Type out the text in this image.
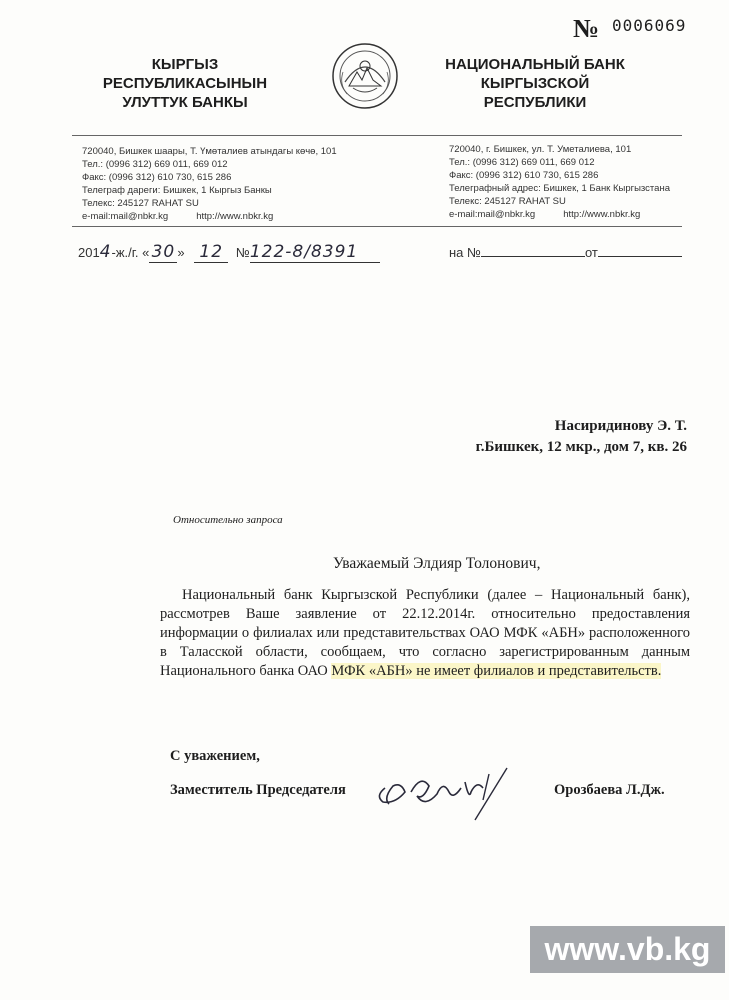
№ 0006069
КЫРГЫЗ
РЕСПУБЛИКАСЫНЫН
УЛУТТУК БАНКЫ
НАЦИОНАЛЬНЫЙ БАНК
КЫРГЫЗСКОЙ
РЕСПУБЛИКИ
720040, Бишкек шаары, Т. Үмөталиев атындагы көчө, 101
Тел.: (0996 312) 669 011, 669 012
Факс: (0996 312) 610 730, 615 286
Телеграф дареги: Бишкек, 1 Кыргыз Банкы
Телекс: 245127 RAHAT SU
e-mail:mail@nbkr.kg	http://www.nbkr.kg
720040, г. Бишкек, ул. Т. Уметалиева, 101
Тел.: (0996 312) 669 011, 669 012
Факс: (0996 312) 610 730, 615 286
Телеграфный адрес: Бишкек, 1 Банк Кыргызстана
Телекс: 245127 RAHAT SU
e-mail:mail@nbkr.kg	http://www.nbkr.kg
2014-ж./г. « 30 » 12 №122-8/8391	на №	от
Насиридинову Э. Т.
г.Бишкек, 12 мкр., дом 7, кв. 26
Относительно запроса
Уважаемый Элдияр Толонович,
Национальный банк Кыргызской Республики (далее – Национальный банк), рассмотрев Ваше заявление от 22.12.2014г. относительно предоставления информации о филиалах или представительствах ОАО МФК «АБН» расположенного в Таласской области, сообщаем, что согласно зарегистрированным данным Национального банка ОАО МФК «АБН» не имеет филиалов и представительств.
С уважением,
Заместитель Председателя	Орозбаева Л.Дж.
www.vb.kg
